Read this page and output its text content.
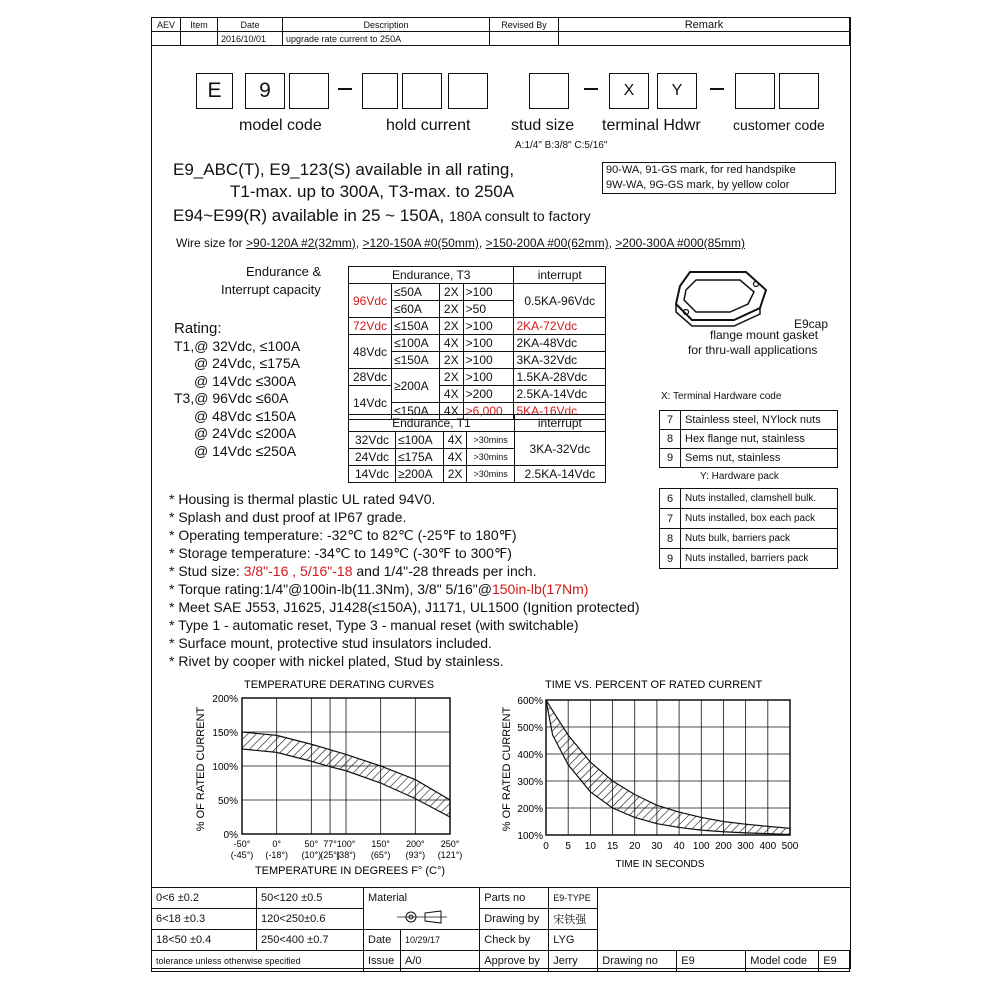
AEV	Item	Date	Description	Revised By	Remark
		2016/10/01	upgrade rate current to 250A		
E	9	X	Y
model code	hold current	stud size terminal Hdwr customer code
A:1/4" B:3/8" C:5/16"
E9_ABC(T), E9_123(S) available in all rating,
T1-max. up to 300A, T3-max. to 250A
E94~E99(R) available in 25 ~ 150A, 180A consult to factory
90-WA, 91-GS mark, for red handspike
9W-WA, 9G-GS mark, by yellow color
Wire size for >90-120A #2(32mm), >120-150A #0(50mm), >150-200A #00(62mm), >200-300A #000(85mm)
Endurance &
Interrupt capacity
Endurance, T3				interrupt
96Vdc	≤50A	2X	>100	0.5KA-96Vdc
	≤60A	2X	>50	
72Vdc	≤150A	2X	>100	2KA-72Vdc
48Vdc	≤100A	4X	>100	2KA-48Vdc
	≤150A	2X	>100	3KA-32Vdc
28Vdc	≥200A	2X	>100	1.5KA-28Vdc
14Vdc		4X	>200	2.5KA-14Vdc
	≤150A	4X	>6,000	5KA-16Vdc
Endurance, T1				interrupt
32Vdc	≤100A	4X	>30mins	3KA-32Vdc
24Vdc	≤175A	4X	>30mins	
14Vdc	≥200A	2X	>30mins	2.5KA-14Vdc
Rating:
T1,@ 32Vdc, ≤100A
@ 24Vdc, ≤175A
@ 14Vdc ≤300A
T3,@ 96Vdc ≤60A
@ 48Vdc ≤150A
@ 24Vdc ≤200A
@ 14Vdc ≤250A
E9cap
flange mount gasket
for thru-wall applications
X: Terminal Hardware code
7	Stainless steel, NYlock nuts
8	Hex flange nut, stainless
9	Sems nut, stainless
Y: Hardware pack
6	Nuts installed, clamshell bulk.
7	Nuts installed, box each pack
8	Nuts bulk, barriers pack
9	Nuts installed, barriers pack
* Housing is thermal plastic UL rated 94V0.
* Splash and dust proof at IP67 grade.
* Operating temperature: -32℃ to 82℃ (-25℉ to 180℉)
* Storage temperature: -34℃ to 149℃ (-30℉ to 300℉)
* Stud size: 3/8"-16 , 5/16"-18 and 1/4"-28 threads per inch.
* Torque rating:1/4"@100in-lb(11.3Nm), 3/8" 5/16"@150in-lb(17Nm)
* Meet SAE J553, J1625, J1428(≤150A), J1171, UL1500 (Ignition protected)
* Type 1 - automatic reset, Type 3 - manual reset (with switchable)
* Surface mount, protective stud insulators included.
* Rivet by cooper with nickel plated, Stud by stainless.
TEMPERATURE DERATING CURVES
200%
150%
100%
50%
0%
-50°
(-45°)
0°
(-18°)
50°
(10°)
77°
(25°)
100°
(38°)
150°
(65°)
200°
(93°)
250°
(121°)
% OF RATED CURRENT
TEMPERATURE IN DEGREES F° (C°)
TIME VS. PERCENT OF RATED CURRENT
600%
500%
400%
300%
200%
100%
0 5 10 15 20 30 40 100 200 300 400 500
% OF RATED CURRENT
TIME IN SECONDS
0<6 ±0.2	50<120 ±0.5	Material		Parts no	E9-TYPE				
6<18 ±0.3	120<250±0.6			Drawing by	宋铁强				
18<50 ±0.4	250<400 ±0.7	Date	10/29/17	Check by	LYG				
tolerance unless otherwise specified		Issue	A/0	Approve by	Jerry	Drawing no	E9	Model code	E9
